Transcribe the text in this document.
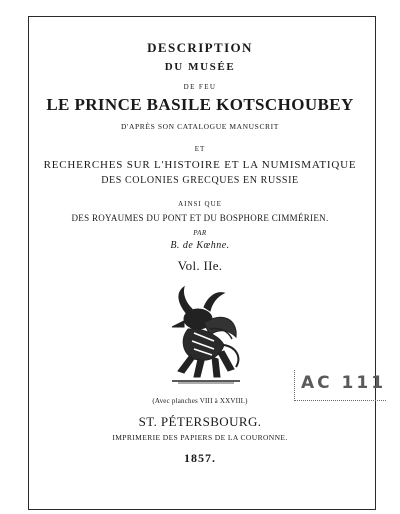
DESCRIPTION
DU MUSÉE
DE FEU
LE PRINCE BASILE KOTSCHOUBEY
D'APRÈS SON CATALOGUE MANUSCRIT
ET
RECHERCHES SUR L'HISTOIRE ET LA NUMISMATIQUE
DES COLONIES GRECQUES EN RUSSIE
AINSI QUE
DES ROYAUMES DU PONT ET DU BOSPHORE CIMMÉRIEN.
PAR
B. de Kœhne.
Vol. IIe.
AC 111
(Avec planches VIII à XXVIII.)
ST. PÉTERSBOURG.
IMPRIMERIE DES PAPIERS DE LA COURONNE.
1857.
